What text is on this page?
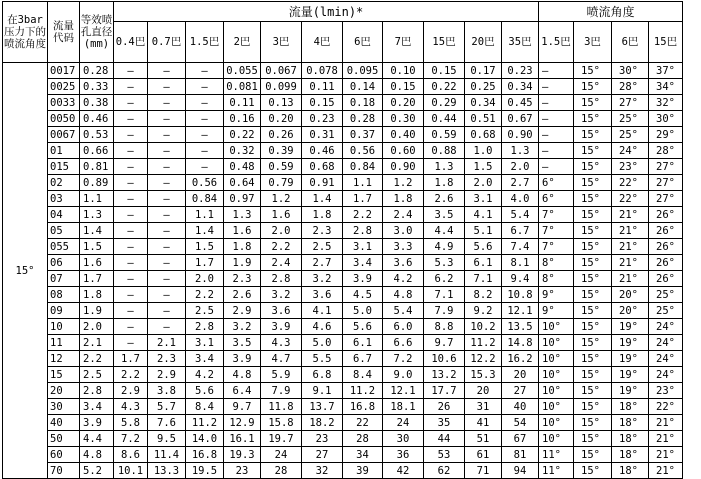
在3bar压力下的喷流角度	流量代码	等效喷孔直径(mm)	流量(lmin)*											喷流角度			
			0.4巴	0.7巴	1.5巴	2巴	3巴	4巴	6巴	7巴	15巴	20巴	35巴	1.5巴	3巴	6巴	15巴
15°	0017	0.28	–	–	–	0.055	0.067	0.078	0.095	0.10	0.15	0.17	0.23	–	15°	30°	37°
	0025	0.33	–	–	–	0.081	0.099	0.11	0.14	0.15	0.22	0.25	0.34	–	15°	28°	34°
	0033	0.38	–	–	–	0.11	0.13	0.15	0.18	0.20	0.29	0.34	0.45	–	15°	27°	32°
	0050	0.46	–	–	–	0.16	0.20	0.23	0.28	0.30	0.44	0.51	0.67	–	15°	25°	30°
	0067	0.53	–	–	–	0.22	0.26	0.31	0.37	0.40	0.59	0.68	0.90	–	15°	25°	29°
	01	0.66	–	–	–	0.32	0.39	0.46	0.56	0.60	0.88	1.0	1.3	–	15°	24°	28°
	015	0.81	–	–	–	0.48	0.59	0.68	0.84	0.90	1.3	1.5	2.0	–	15°	23°	27°
	02	0.89	–	–	0.56	0.64	0.79	0.91	1.1	1.2	1.8	2.0	2.7	6°	15°	22°	27°
	03	1.1	–	–	0.84	0.97	1.2	1.4	1.7	1.8	2.6	3.1	4.0	6°	15°	22°	27°
	04	1.3	–	–	1.1	1.3	1.6	1.8	2.2	2.4	3.5	4.1	5.4	7°	15°	21°	26°
	05	1.4	–	–	1.4	1.6	2.0	2.3	2.8	3.0	4.4	5.1	6.7	7°	15°	21°	26°
	055	1.5	–	–	1.5	1.8	2.2	2.5	3.1	3.3	4.9	5.6	7.4	7°	15°	21°	26°
	06	1.6	–	–	1.7	1.9	2.4	2.7	3.4	3.6	5.3	6.1	8.1	8°	15°	21°	26°
	07	1.7	–	–	2.0	2.3	2.8	3.2	3.9	4.2	6.2	7.1	9.4	8°	15°	21°	26°
	08	1.8	–	–	2.2	2.6	3.2	3.6	4.5	4.8	7.1	8.2	10.8	9°	15°	20°	25°
	09	1.9	–	–	2.5	2.9	3.6	4.1	5.0	5.4	7.9	9.2	12.1	9°	15°	20°	25°
	10	2.0	–	–	2.8	3.2	3.9	4.6	5.6	6.0	8.8	10.2	13.5	10°	15°	19°	24°
	11	2.1	–	2.1	3.1	3.5	4.3	5.0	6.1	6.6	9.7	11.2	14.8	10°	15°	19°	24°
	12	2.2	1.7	2.3	3.4	3.9	4.7	5.5	6.7	7.2	10.6	12.2	16.2	10°	15°	19°	24°
	15	2.5	2.2	2.9	4.2	4.8	5.9	6.8	8.4	9.0	13.2	15.3	20	10°	15°	19°	24°
	20	2.8	2.9	3.8	5.6	6.4	7.9	9.1	11.2	12.1	17.7	20	27	10°	15°	19°	23°
	30	3.4	4.3	5.7	8.4	9.7	11.8	13.7	16.8	18.1	26	31	40	10°	15°	18°	22°
	40	3.9	5.8	7.6	11.2	12.9	15.8	18.2	22	24	35	41	54	10°	15°	18°	21°
	50	4.4	7.2	9.5	14.0	16.1	19.7	23	28	30	44	51	67	10°	15°	18°	21°
	60	4.8	8.6	11.4	16.8	19.3	24	27	34	36	53	61	81	11°	15°	18°	21°
	70	5.2	10.1	13.3	19.5	23	28	32	39	42	62	71	94	11°	15°	18°	21°
